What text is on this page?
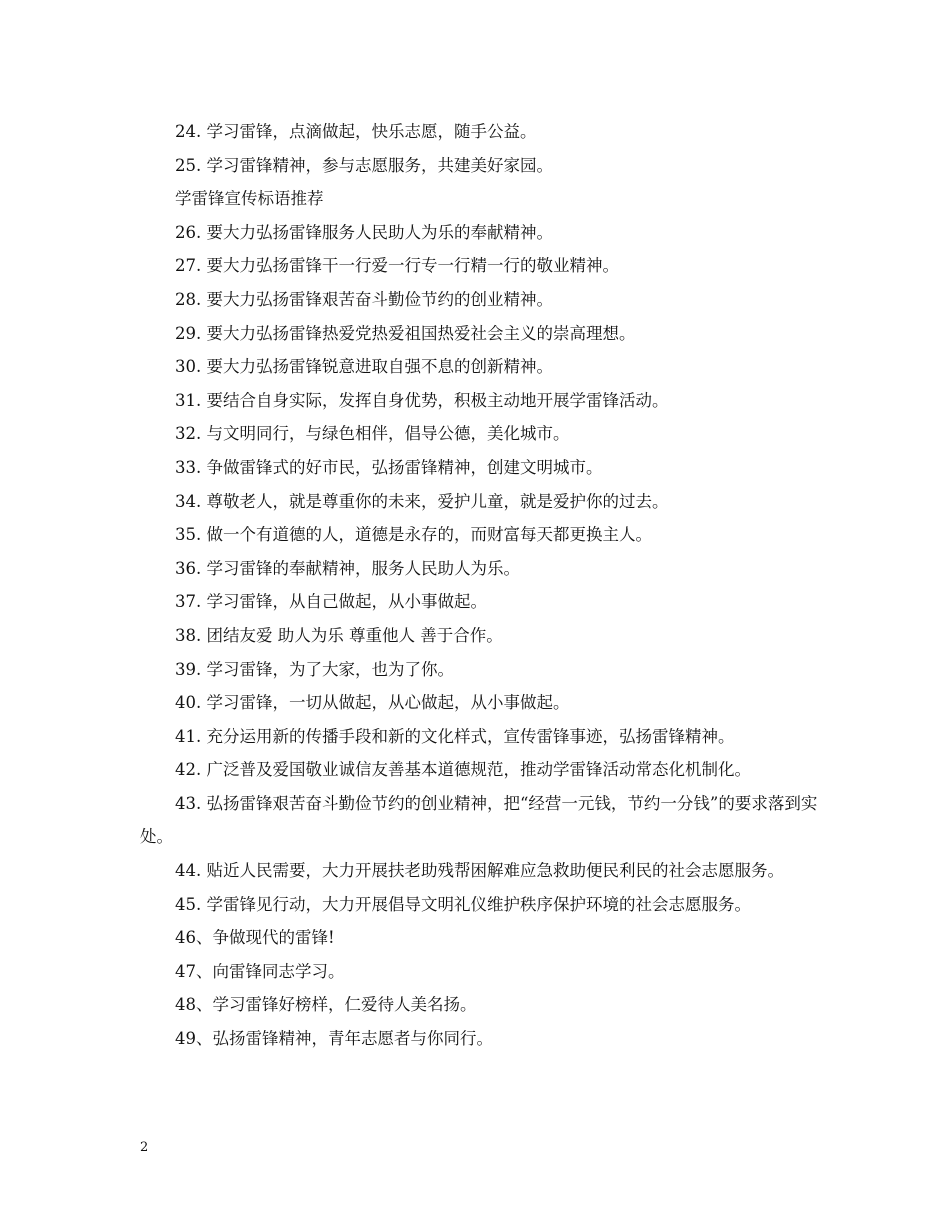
24. 学习雷锋，点滴做起，快乐志愿，随手公益。

25. 学习雷锋精神，参与志愿服务，共建美好家园。

学雷锋宣传标语推荐

26. 要大力弘扬雷锋服务人民助人为乐的奉献精神。

27. 要大力弘扬雷锋干一行爱一行专一行精一行的敬业精神。

28. 要大力弘扬雷锋艰苦奋斗勤俭节约的创业精神。

29. 要大力弘扬雷锋热爱党热爱祖国热爱社会主义的崇高理想。

30. 要大力弘扬雷锋锐意进取自强不息的创新精神。

31. 要结合自身实际，发挥自身优势，积极主动地开展学雷锋活动。

32. 与文明同行，与绿色相伴，倡导公德，美化城市。

33. 争做雷锋式的好市民，弘扬雷锋精神，创建文明城市。

34. 尊敬老人，就是尊重你的未来，爱护儿童，就是爱护你的过去。

35. 做一个有道德的人，道德是永存的，而财富每天都更换主人。

36. 学习雷锋的奉献精神，服务人民助人为乐。

37. 学习雷锋，从自己做起，从小事做起。

38. 团结友爱 助人为乐 尊重他人 善于合作。

39. 学习雷锋，为了大家，也为了你。

40. 学习雷锋，一切从做起，从心做起，从小事做起。

41. 充分运用新的传播手段和新的文化样式，宣传雷锋事迹，弘扬雷锋精神。

42. 广泛普及爱国敬业诚信友善基本道德规范，推动学雷锋活动常态化机制化。

43. 弘扬雷锋艰苦奋斗勤俭节约的创业精神，把“经营一元钱，节约一分钱”的要求落到实处。

44. 贴近人民需要，大力开展扶老助残帮困解难应急救助便民利民的社会志愿服务。

45. 学雷锋见行动，大力开展倡导文明礼仪维护秩序保护环境的社会志愿服务。

46、争做现代的雷锋!

47、向雷锋同志学习。

48、学习雷锋好榜样，仁爱待人美名扬。

49、弘扬雷锋精神，青年志愿者与你同行。

2
